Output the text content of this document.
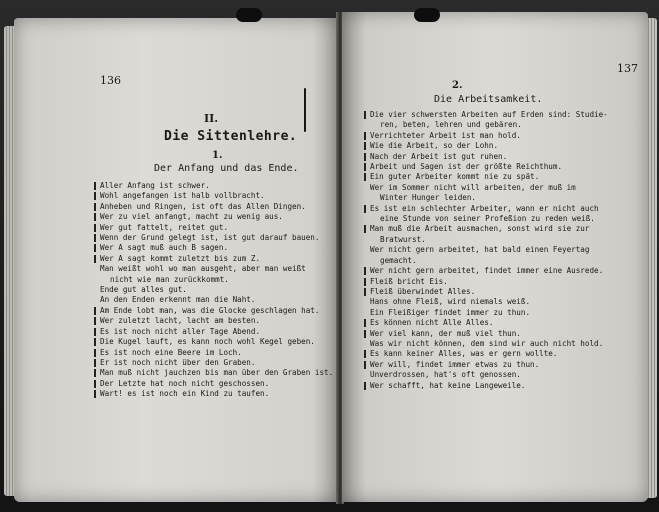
136
II.
Die Sittenlehre.
1.
Der Anfang und das Ende.
Aller Anfang ist schwer.
Wohl angefangen ist halb vollbracht.
Anheben und Ringen, ist oft das Allen Dingen.
Wer zu viel anfangt, macht zu wenig aus.
Wer gut fattelt, reitet gut.
Wenn der Grund gelegt ist, ist gut darauf bauen.
Wer A sagt muß auch B sagen.
Wer A sagt kommt zuletzt bis zum Z.
Man weißt wohl wo man ausgeht, aber man weißt
nicht wie man zurückkommt.
Ende gut alles gut.
An den Enden erkennt man die Naht.
Am Ende lobt man, was die Glocke geschlagen hat.
Wer zuletzt lacht, lacht am besten.
Es ist noch nicht aller Tage Abend.
Die Kugel lauft, es kann noch wohl Kegel geben.
Es ist noch eine Beere im Loch.
Er ist noch nicht über den Graben.
Man muß nicht jauchzen bis man über den Graben ist.
Der Letzte hat noch nicht geschossen.
Wart! es ist noch ein Kind zu taufen.
137
2.
Die Arbeitsamkeit.
Die vier schwersten Arbeiten auf Erden sind: Studie-
ren, beten, lehren und gebären.
Verrichteter Arbeit ist man hold.
Wie die Arbeit, so der Lohn.
Nach der Arbeit ist gut ruhen.
Arbeit und Sagen ist der größte Reichthum.
Ein guter Arbeiter kommt nie zu spät.
Wer im Sommer nicht will arbeiten, der muß im
Winter Hunger leiden.
Es ist ein schlechter Arbeiter, wann er nicht auch
eine Stunde von seiner Profeßion zu reden weiß.
Man muß die Arbeit ausmachen, sonst wird sie zur
Bratwurst.
Wer nicht gern arbeitet, hat bald einen Feyertag
gemacht.
Wer nicht gern arbeitet, findet immer eine Ausrede.
Fleiß bricht Eis.
Fleiß überwindet Alles.
Hans ohne Fleiß, wird niemals weiß.
Ein Fleißiger findet immer zu thun.
Es können nicht Alle Alles.
Wer viel kann, der muß viel thun.
Was wir nicht können, dem sind wir auch nicht hold.
Es kann keiner Alles, was er gern wollte.
Wer will, findet immer etwas zu thun.
Unverdrossen, hat's oft genossen.
Wer schafft, hat keine Langeweile.
